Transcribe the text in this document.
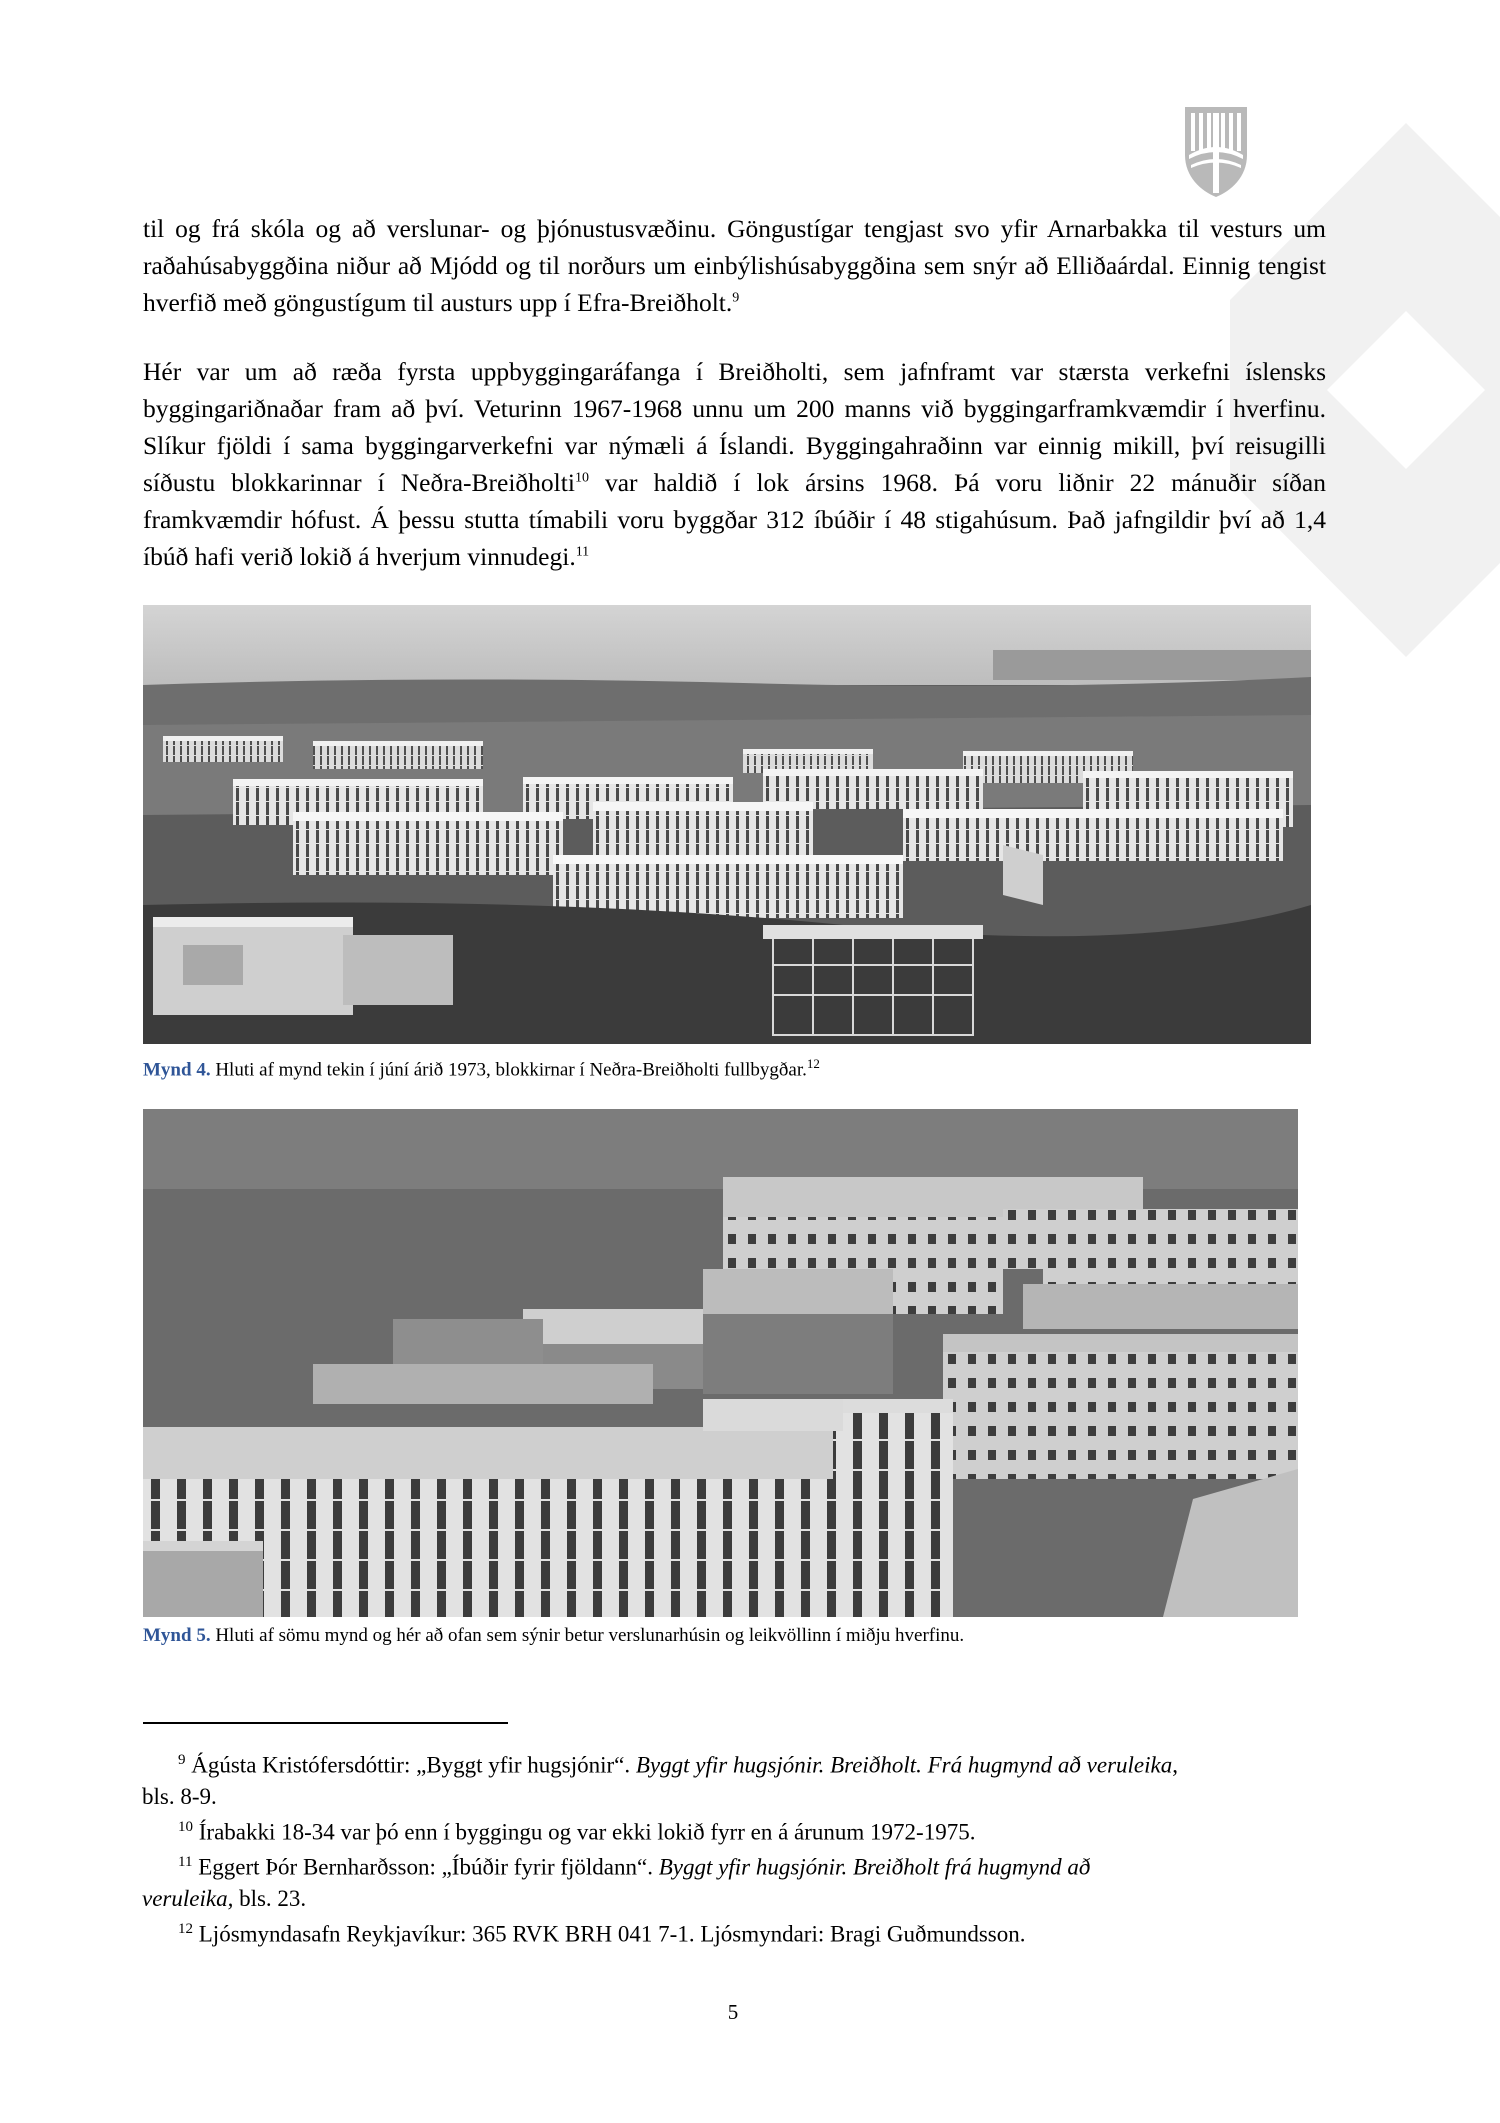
til og frá skóla og að verslunar- og þjónustusvæðinu. Göngustígar tengjast svo yfir Arnarbakka til vesturs um raðahúsabyggðina niður að Mjódd og til norðurs um einbýlishúsabyggðina sem snýr að Elliðaárdal. Einnig tengist hverfið með göngustígum til austurs upp í Efra-Breiðholt.$^9$

Hér var um að ræða fyrsta uppbyggingaráfanga í Breiðholti, sem jafnframt var stærsta verkefni íslensks byggingariðnaðar fram að því. Veturinn 1967-1968 unnu um 200 manns við byggingarframkvæmdir í hverfinu. Slíkur fjöldi í sama byggingarverkefni var nýmæli á Íslandi. Byggingahraðinn var einnig mikill, því reisugilli síðustu blokkarinnar í Neðra-Breiðholti$^{10}$ var haldið í lok ársins 1968. Þá voru liðnir 22 mánuðir síðan framkvæmdir hófust. Á þessu stutta tímabili voru byggðar 312 íbúðir í 48 stigahúsum. Það jafngildir því að 1,4 íbúð hafi verið lokið á hverjum vinnudegi.$^{11}$

Mynd 4. Hluti af mynd tekin í júní árið 1973, blokkirnar í Neðra-Breiðholti fullbygðar.$^{12}$

Mynd 5. Hluti af sömu mynd og hér að ofan sem sýnir betur verslunarhúsin og leikvöllinn í miðju hverfinu.

$^9$ Ágústa Kristófersdóttir: „Byggt yfir hugsjónir“. Byggt yfir hugsjónir. Breiðholt. Frá hugmynd að veruleika,

bls. 8-9.

$^{10}$ Írabakki 18-34 var þó enn í byggingu og var ekki lokið fyrr en á árunum 1972-1975.

$^{11}$ Eggert Þór Bernharðsson: „Íbúðir fyrir fjöldann“. Byggt yfir hugsjónir. Breiðholt frá hugmynd að

veruleika, bls. 23.

$^{12}$ Ljósmyndasafn Reykjavíkur: 365 RVK BRH 041 7-1. Ljósmyndari: Bragi Guðmundsson.

5
